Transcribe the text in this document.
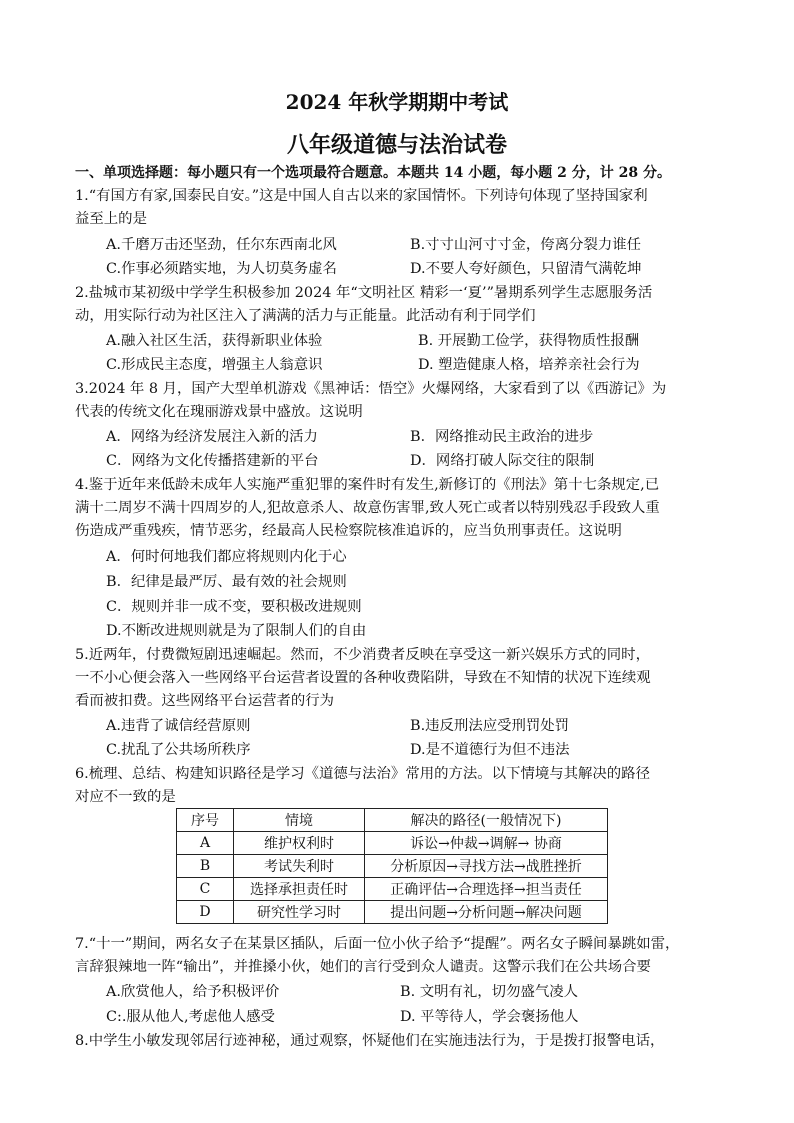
2024 年秋学期期中考试
八年级道德与法治试卷
一、单项选择题：每小题只有一个选项最符合题意。本题共 14 小题，每小题 2 分，计 28 分。
1.“有国方有家,国泰民自安。”这是中国人自古以来的家国情怀。下列诗句体现了坚持国家利
益至上的是
A.千磨万击还坚劲，任尔东西南北风	B.寸寸山河寸寸金，侉离分裂力谁任
C.作事必须踏实地，为人切莫务虚名	D.不要人夸好颜色，只留清气满乾坤
2.盐城市某初级中学学生积极参加 2024 年“文明社区 精彩一‘夏’”暑期系列学生志愿服务活
动，用实际行动为社区注入了满满的活力与正能量。此活动有利于同学们
A.融入社区生活，获得新职业体验	B. 开展勤工俭学，获得物质性报酬
C.形成民主态度，增强主人翁意识	D. 塑造健康人格，培养亲社会行为
3.2024 年 8 月，国产大型单机游戏《黑神话：悟空》火爆网络，大家看到了以《西游记》为
代表的传统文化在瑰丽游戏景中盛放。这说明
A．网络为经济发展注入新的活力	B．网络推动民主政治的进步
C．网络为文化传播搭建新的平台	D．网络打破人际交往的限制
4.鉴于近年来低龄未成年人实施严重犯罪的案件时有发生,新修订的《刑法》第十七条规定,已
满十二周岁不满十四周岁的人,犯故意杀人、故意伤害罪,致人死亡或者以特别残忍手段致人重
伤造成严重残疾，情节恶劣，经最高人民检察院核准追诉的，应当负刑事责任。这说明
A．何时何地我们都应将规则内化于心
B．纪律是最严厉、最有效的社会规则
C．规则并非一成不变，要积极改进规则
D.不断改进规则就是为了限制人们的自由
5.近两年，付费微短剧迅速崛起。然而，不少消费者反映在享受这一新兴娱乐方式的同时，
一不小心便会落入一些网络平台运营者设置的各种收费陷阱，导致在不知情的状况下连续观
看而被扣费。这些网络平台运营者的行为
A.违背了诚信经营原则	B.违反刑法应受刑罚处罚
C.扰乱了公共场所秩序	D.是不道德行为但不违法
6.梳理、总结、构建知识路径是学习《道德与法治》常用的方法。以下情境与其解决的路径
对应不一致的是
序号	情境	解决的路径(一般情况下)
A	维护权利时	诉讼→仲裁→调解→ 协商
B	考试失利时	分析原因→寻找方法→战胜挫折
C	选择承担责任时	正确评估→合理选择→担当责任
D	研究性学习时	提出问题→分析问题→解决问题
7.“十一”期间，两名女子在某景区插队，后面一位小伙子给予“提醒”。两名女子瞬间暴跳如雷，
言辞狠辣地一阵“输出”，并推搡小伙，她们的言行受到众人谴责。这警示我们在公共场合要
A.欣赏他人，给予积极评价	B. 文明有礼，切勿盛气凌人
C:.服从他人,考虑他人感受	D. 平等待人，学会褒扬他人
8.中学生小敏发现邻居行迹神秘，通过观察，怀疑他们在实施违法行为，于是拨打报警电话，
